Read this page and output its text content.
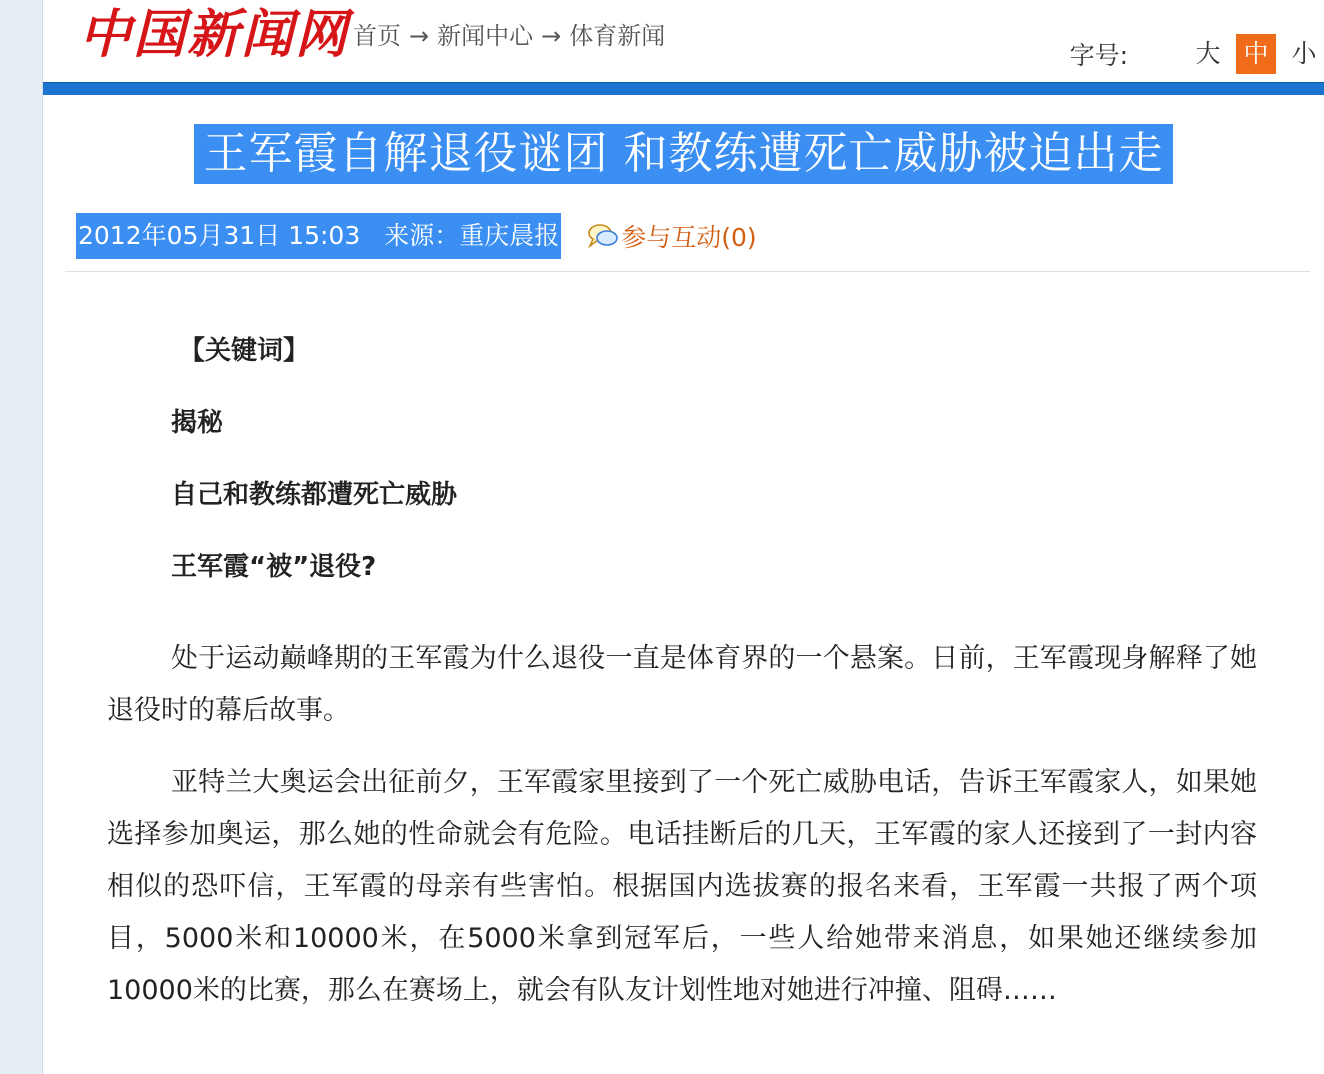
中国新闻网 首页 → 新闻中心 → 体育新闻
字号:	大 中 小
王军霞自解退役谜团 和教练遭死亡威胁被迫出走
2012年05月31日 15:03 来源：重庆晨报 参与互动(0)
【关键词】
揭秘
自己和教练都遭死亡威胁
王军霞“被”退役?

处于运动巅峰期的王军霞为什么退役一直是体育界的一个悬案。日前，王军霞现身解释了她退役时的幕后故事。

亚特兰大奥运会出征前夕，王军霞家里接到了一个死亡威胁电话，告诉王军霞家人，如果她选择参加奥运，那么她的性命就会有危险。电话挂断后的几天，王军霞的家人还接到了一封内容相似的恐吓信，王军霞的母亲有些害怕。根据国内选拔赛的报名来看，王军霞一共报了两个项目，5000米和10000米，在5000米拿到冠军后，一些人给她带来消息，如果她还继续参加10000米的比赛，那么在赛场上，就会有队友计划性地对她进行冲撞、阻碍……
